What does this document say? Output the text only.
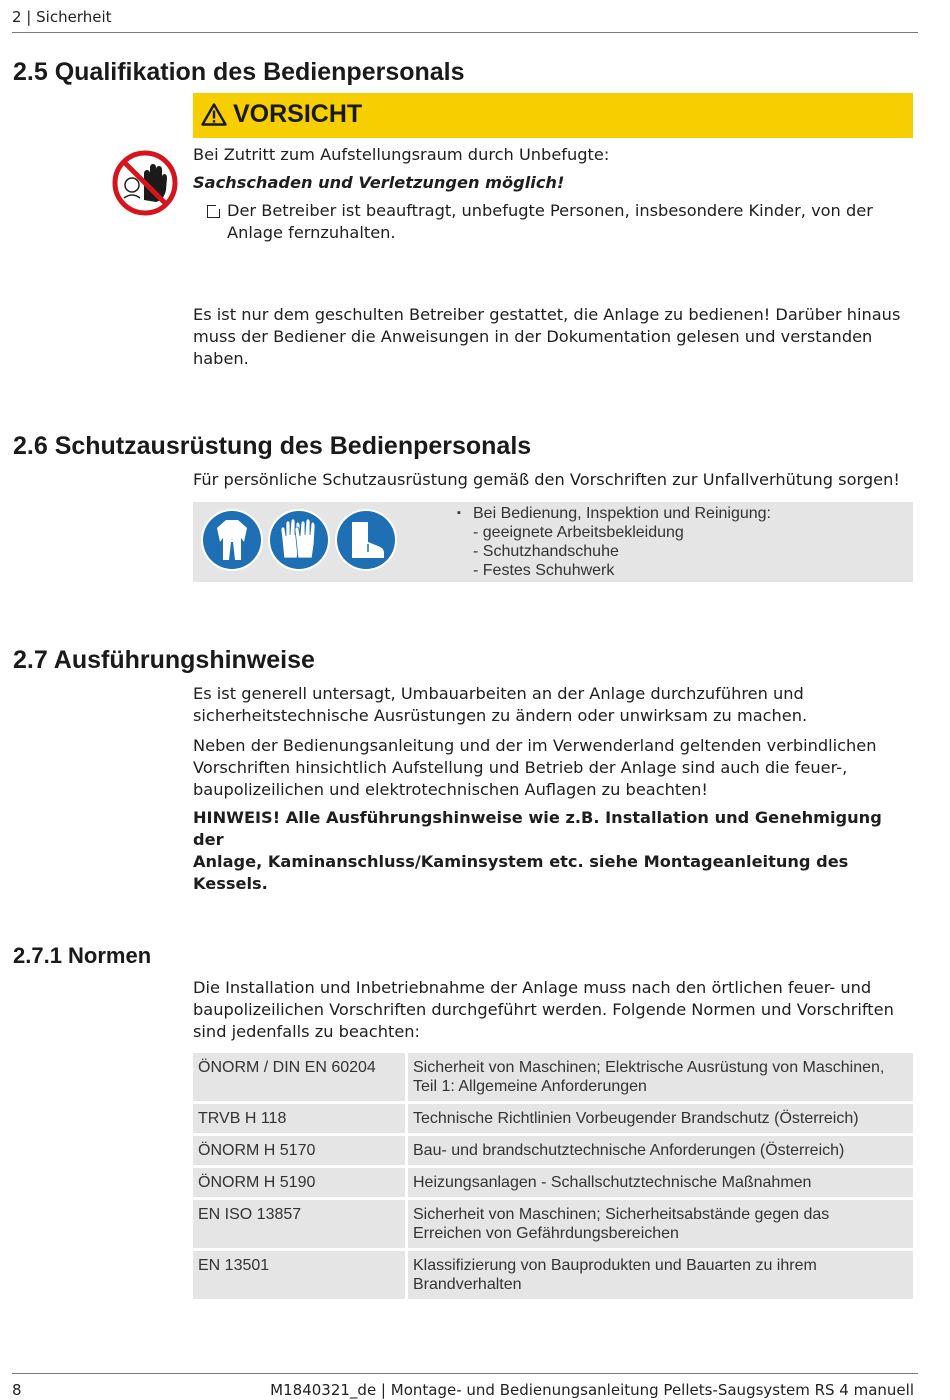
2 | Sicherheit
2.5 Qualifikation des Bedienpersonals
VORSICHT
Bei Zutritt zum Aufstellungsraum durch Unbefugte:
Sachschaden und Verletzungen möglich!
Der Betreiber ist beauftragt, unbefugte Personen, insbesondere Kinder, von der
Anlage fernzuhalten.
Es ist nur dem geschulten Betreiber gestattet, die Anlage zu bedienen! Darüber hinaus
muss der Bediener die Anweisungen in der Dokumentation gelesen und verstanden
haben.
2.6 Schutzausrüstung des Bedienpersonals
Für persönliche Schutzausrüstung gemäß den Vorschriften zur Unfallverhütung sorgen!
▪ Bei Bedienung, Inspektion und Reinigung:
- geeignete Arbeitsbekleidung
- Schutzhandschuhe
- Festes Schuhwerk
2.7 Ausführungshinweise
Es ist generell untersagt, Umbauarbeiten an der Anlage durchzuführen und
sicherheitstechnische Ausrüstungen zu ändern oder unwirksam zu machen.
Neben der Bedienungsanleitung und der im Verwenderland geltenden verbindlichen
Vorschriften hinsichtlich Aufstellung und Betrieb der Anlage sind auch die feuer-,
baupolizeilichen und elektrotechnischen Auflagen zu beachten!
HINWEIS! Alle Ausführungshinweise wie z.B. Installation und Genehmigung der
Anlage, Kaminanschluss/Kaminsystem etc. siehe Montageanleitung des Kessels.
2.7.1 Normen
Die Installation und Inbetriebnahme der Anlage muss nach den örtlichen feuer- und
baupolizeilichen Vorschriften durchgeführt werden. Folgende Normen und Vorschriften
sind jedenfalls zu beachten:
ÖNORM / DIN EN 60204	Sicherheit von Maschinen; Elektrische Ausrüstung von Maschinen,
Teil 1: Allgemeine Anforderungen

TRVB H 118	Technische Richtlinien Vorbeugender Brandschutz (Österreich)

ÖNORM H 5170	Bau- und brandschutztechnische Anforderungen (Österreich)

ÖNORM H 5190	Heizungsanlagen - Schallschutztechnische Maßnahmen

EN ISO 13857	Sicherheit von Maschinen; Sicherheitsabstände gegen das
Erreichen von Gefährdungsbereichen

EN 13501	Klassifizierung von Bauprodukten und Bauarten zu ihrem
Brandverhalten
8	M1840321_de | Montage- und Bedienungsanleitung Pellets-Saugsystem RS 4 manuell
